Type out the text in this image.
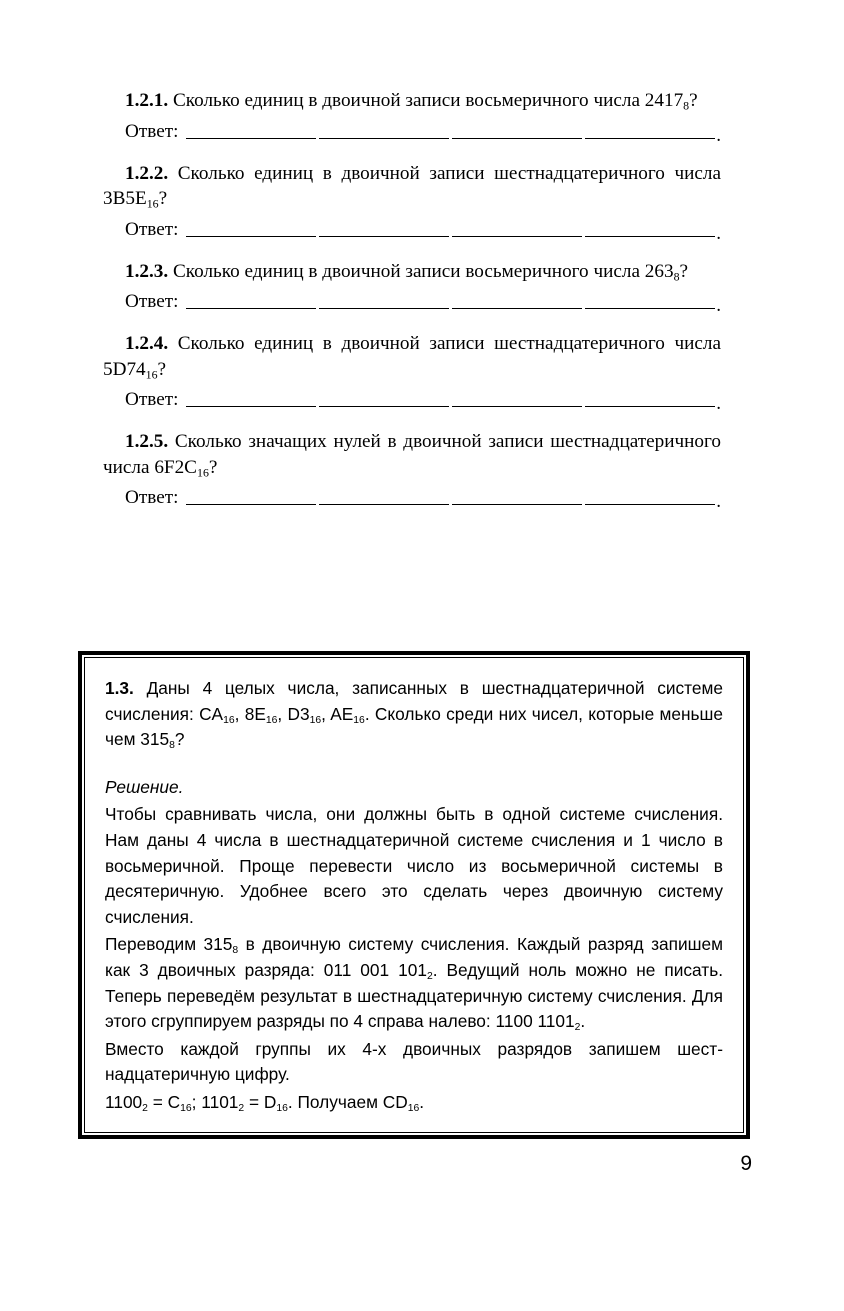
1.2.1. Сколько единиц в двоичной записи восьмеричного числа $2417_8$?

Ответ:	.

1.2.2. Сколько единиц в двоичной записи шестнадцатеричного числа $3B5E_{16}$?

Ответ:	.

1.2.3. Сколько единиц в двоичной записи восьмеричного числа $263_8$?

Ответ:	.

1.2.4. Сколько единиц в двоичной записи шестнадцатеричного числа $5D74_{16}$?

Ответ:	.

1.2.5. Сколько значащих нулей в двоичной записи шестнадцатеричного числа $6F2C_{16}$?

Ответ:	.

1.3. Даны 4 целых числа, записанных в шестнадцатеричной системе счисления: $CA_{16}$, $8E_{16}$, $D3_{16}$, $AE_{16}$. Сколько среди них чисел, которые меньше чем $315_8$?

Решение.

Чтобы сравнивать числа, они должны быть в одной системе счисления. Нам даны 4 числа в шестнадцатеричной системе счисления и 1 число в восьмеричной. Проще перевести число из восьмеричной системы в десятеричную. Удобнее всего это сделать через двоичную систему счисления.

Переводим $315_8$ в двоичную систему счисления. Каждый разряд запишем как 3 двоичных разряда: 011 001 $101_2$. Ведущий ноль можно не писать. Теперь переведём результат в шестнадцатеричную систему счисления. Для этого сгруппируем разряды по 4 справа налево: 1100 $1101_2$.

Вместо каждой группы их 4-х двоичных разрядов запишем шестнадцатеричную цифру.

$1100_2 = C_{16}$; $1101_2 = D_{16}$. Получаем $CD_{16}$.

9
